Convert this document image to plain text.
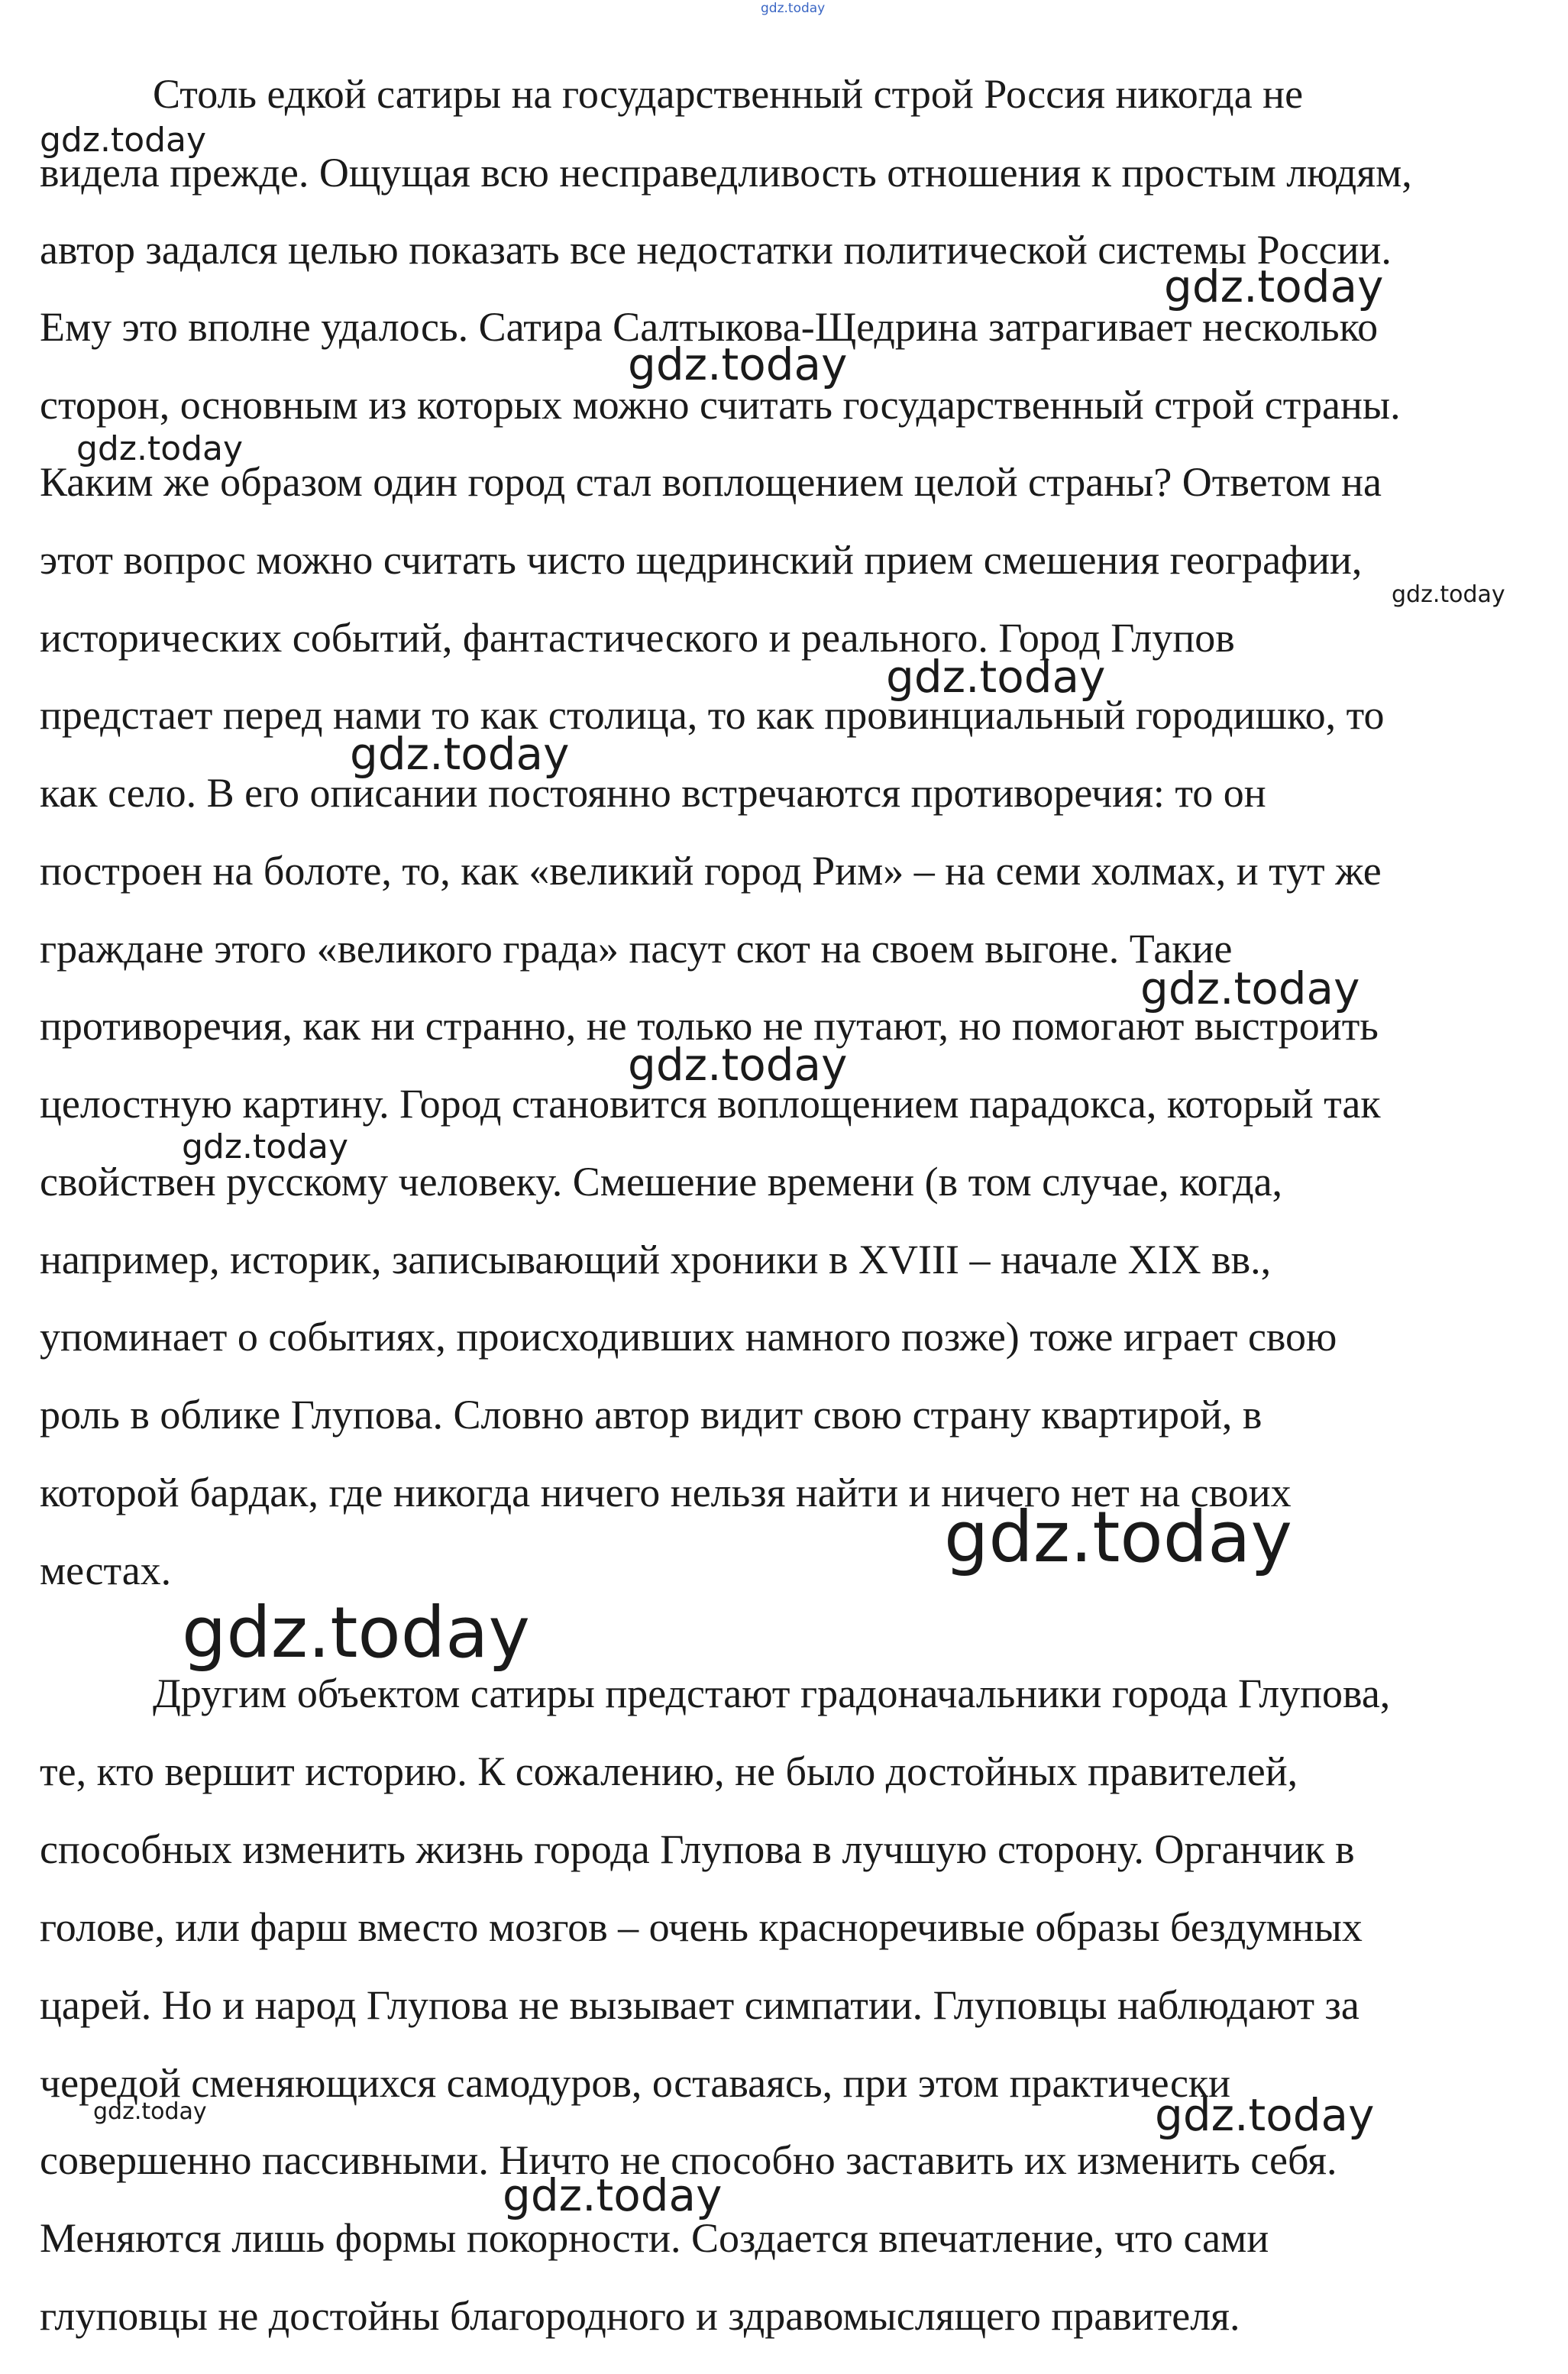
gdz.today
Столь едкой сатиры на государственный строй Россия никогда не
видела прежде. Ощущая всю несправедливость отношения к простым людям,
автор задался целью показать все недостатки политической системы России.
Ему это вполне удалось. Сатира Салтыкова-Щедрина затрагивает несколько
сторон, основным из которых можно считать государственный строй страны.
Каким же образом один город стал воплощением целой страны? Ответом на
этот вопрос можно считать чисто щедринский прием смешения географии,
исторических событий, фантастического и реального. Город Глупов
предстает перед нами то как столица, то как провинциальный городишко, то
как село. В его описании постоянно встречаются противоречия: то он
построен на болоте, то, как «великий город Рим» – на семи холмах, и тут же
граждане этого «великого града» пасут скот на своем выгоне. Такие
противоречия, как ни странно, не только не путают, но помогают выстроить
целостную картину. Город становится воплощением парадокса, который так
свойствен русскому человеку. Смешение времени (в том случае, когда,
например, историк, записывающий хроники в XVIII – начале XIX вв.,
упоминает о событиях, происходивших намного позже) тоже играет свою
роль в облике Глупова. Словно автор видит свою страну квартирой, в
которой бардак, где никогда ничего нельзя найти и ничего нет на своих
местах.
Другим объектом сатиры предстают градоначальники города Глупова,
те, кто вершит историю. К сожалению, не было достойных правителей,
способных изменить жизнь города Глупова в лучшую сторону. Органчик в
голове, или фарш вместо мозгов – очень красноречивые образы бездумных
царей. Но и народ Глупова не вызывает симпатии. Глуповцы наблюдают за
чередой сменяющихся самодуров, оставаясь, при этом практически
совершенно пассивными. Ничто не способно заставить их изменить себя.
Меняются лишь формы покорности. Создается впечатление, что сами
глуповцы не достойны благородного и здравомыслящего правителя.
gdz.today
gdz.today
gdz.today
gdz.today
gdz.today
gdz.today
gdz.today
gdz.today
gdz.today
gdz.today
gdz.today
gdz.today
gdz.today	gdz.today
gdz.today
